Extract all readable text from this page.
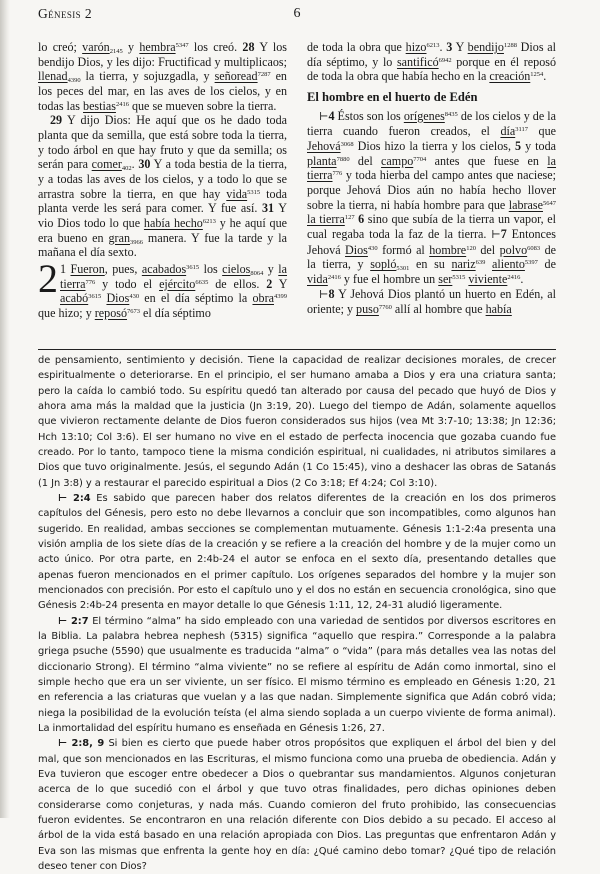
Génesis 2	6

lo creó; varón$_{2145}$ y hembra$^{5347}$ los creó. 28 Y los bendijo Dios, y les dijo: Fructificad y multiplicaos; llenad$_{4390}$ la tierra, y sojuzgadla, y señoread$^{7287}$ en los peces del mar, en las aves de los cielos, y en todas las bestias$^{2416}$ que se mueven sobre la tierra.

29 Y dijo Dios: He aquí que os he dado toda planta que da semilla, que está sobre toda la tierra, y todo árbol en que hay fruto y que da semilla; os serán para comer$_{402}$. 30 Y a toda bestia de la tierra, y a todas las aves de los cielos, y a todo lo que se arrastra sobre la tierra, en que hay vida$^{5315}$ toda planta verde les será para comer. Y fue así. 31 Y vio Dios todo lo que había hecho$^{6213}$ y he aquí que era bueno en gran$_{3966}$ manera. Y fue la tarde y la mañana el día sexto.

2 1 Fueron, pues, acabados$^{3615}$ los cielos$_{8064}$ y la tierra$^{776}$ y todo el ejército$^{6635}$ de ellos. 2 Y acabó$^{3615}$ Dios$^{430}$ en el día séptimo la obra$^{4399}$ que hizo; y reposó$^{7673}$ el día séptimo

de toda la obra que hizo$^{6213}$. 3 Y bendijo$^{1288}$ Dios al día séptimo, y lo santificó$^{6942}$ porque en él reposó de toda la obra que había hecho en la creación$^{1254}$.

El hombre en el huerto de Edén

⊢4 Éstos son los orígenes$^{8435}$ de los cielos y de la tierra cuando fueron creados, el día$^{3117}$ que Jehová$^{3068}$ Dios hizo la tierra y los cielos, 5 y toda planta$^{7880}$ del campo$^{7704}$ antes que fuese en la tierra$^{776}$ y toda hierba del campo antes que naciese; porque Jehová Dios aún no había hecho llover sobre la tierra, ni había hombre para que labrase$^{5647}$ la tierra$^{127}$ 6 sino que subía de la tierra un vapor, el cual regaba toda la faz de la tierra. ⊢7 Entonces Jehová Dios$^{430}$ formó al hombre$^{120}$ del polvo$^{6083}$ de la tierra, y sopló$_{5301}$ en su nariz$^{639}$ aliento$^{5397}$ de vida$^{2416}$ y fue el hombre un ser$^{5315}$ viviente$^{2416}$.

⊢8 Y Jehová Dios plantó un huerto en Edén, al oriente; y puso$^{7760}$ allí al hombre que había

de pensamiento, sentimiento y decisión. Tiene la capacidad de realizar decisiones morales, de crecer espiritualmente o deteriorarse. En el principio, el ser humano amaba a Dios y era una criatura santa; pero la caída lo cambió todo. Su espíritu quedó tan alterado por causa del pecado que huyó de Dios y ahora ama más la maldad que la justicia (Jn 3:19, 20). Luego del tiempo de Adán, solamente aquellos que vivieron rectamente delante de Dios fueron considerados sus hijos (vea Mt 3:7-10; 13:38; Jn 12:36; Hch 13:10; Col 3:6). El ser humano no vive en el estado de perfecta inocencia que gozaba cuando fue creado. Por lo tanto, tampoco tiene la misma condición espiritual, ni cualidades, ni atributos similares a Dios que tuvo originalmente. Jesús, el segundo Adán (1 Co 15:45), vino a deshacer las obras de Satanás (1 Jn 3:8) y a restaurar el parecido espiritual a Dios (2 Co 3:18; Ef 4:24; Col 3:10).

⊢ 2:4 Es sabido que parecen haber dos relatos diferentes de la creación en los dos primeros capítulos del Génesis, pero esto no debe llevarnos a concluir que son incompatibles, como algunos han sugerido. En realidad, ambas secciones se complementan mutuamente. Génesis 1:1-2:4a presenta una visión amplia de los siete días de la creación y se refiere a la creación del hombre y de la mujer como un acto único. Por otra parte, en 2:4b-24 el autor se enfoca en el sexto día, presentando detalles que apenas fueron mencionados en el primer capítulo. Los orígenes separados del hombre y la mujer son mencionados con precisión. Por esto el capítulo uno y el dos no están en secuencia cronológica, sino que Génesis 2:4b-24 presenta en mayor detalle lo que Génesis 1:11, 12, 24-31 aludió ligeramente.

⊢ 2:7 El término “alma” ha sido empleado con una variedad de sentidos por diversos escritores en la Biblia. La palabra hebrea nephesh (5315) significa “aquello que respira.” Corresponde a la palabra griega psuche (5590) que usualmente es traducida “alma” o “vida” (para más detalles vea las notas del diccionario Strong). El término “alma viviente” no se refiere al espíritu de Adán como inmortal, sino el simple hecho que era un ser viviente, un ser físico. El mismo término es empleado en Génesis 1:20, 21 en referencia a las criaturas que vuelan y a las que nadan. Simplemente significa que Adán cobró vida; niega la posibilidad de la evolución teísta (el alma siendo soplada a un cuerpo viviente de forma animal). La inmortalidad del espíritu humano es enseñada en Génesis 1:26, 27.

⊢ 2:8, 9 Si bien es cierto que puede haber otros propósitos que expliquen el árbol del bien y del mal, que son mencionados en las Escrituras, el mismo funciona como una prueba de obediencia. Adán y Eva tuvieron que escoger entre obedecer a Dios o quebrantar sus mandamientos. Algunos conjeturan acerca de lo que sucedió con el árbol y que tuvo otras finalidades, pero dichas opiniones deben considerarse como conjeturas, y nada más. Cuando comieron del fruto prohibido, las consecuencias fueron evidentes. Se encontraron en una relación diferente con Dios debido a su pecado. El acceso al árbol de la vida está basado en una relación apropiada con Dios. Las preguntas que enfrentaron Adán y Eva son las mismas que enfrenta la gente hoy en día: ¿Qué camino debo tomar? ¿Qué tipo de relación deseo tener con Dios?
